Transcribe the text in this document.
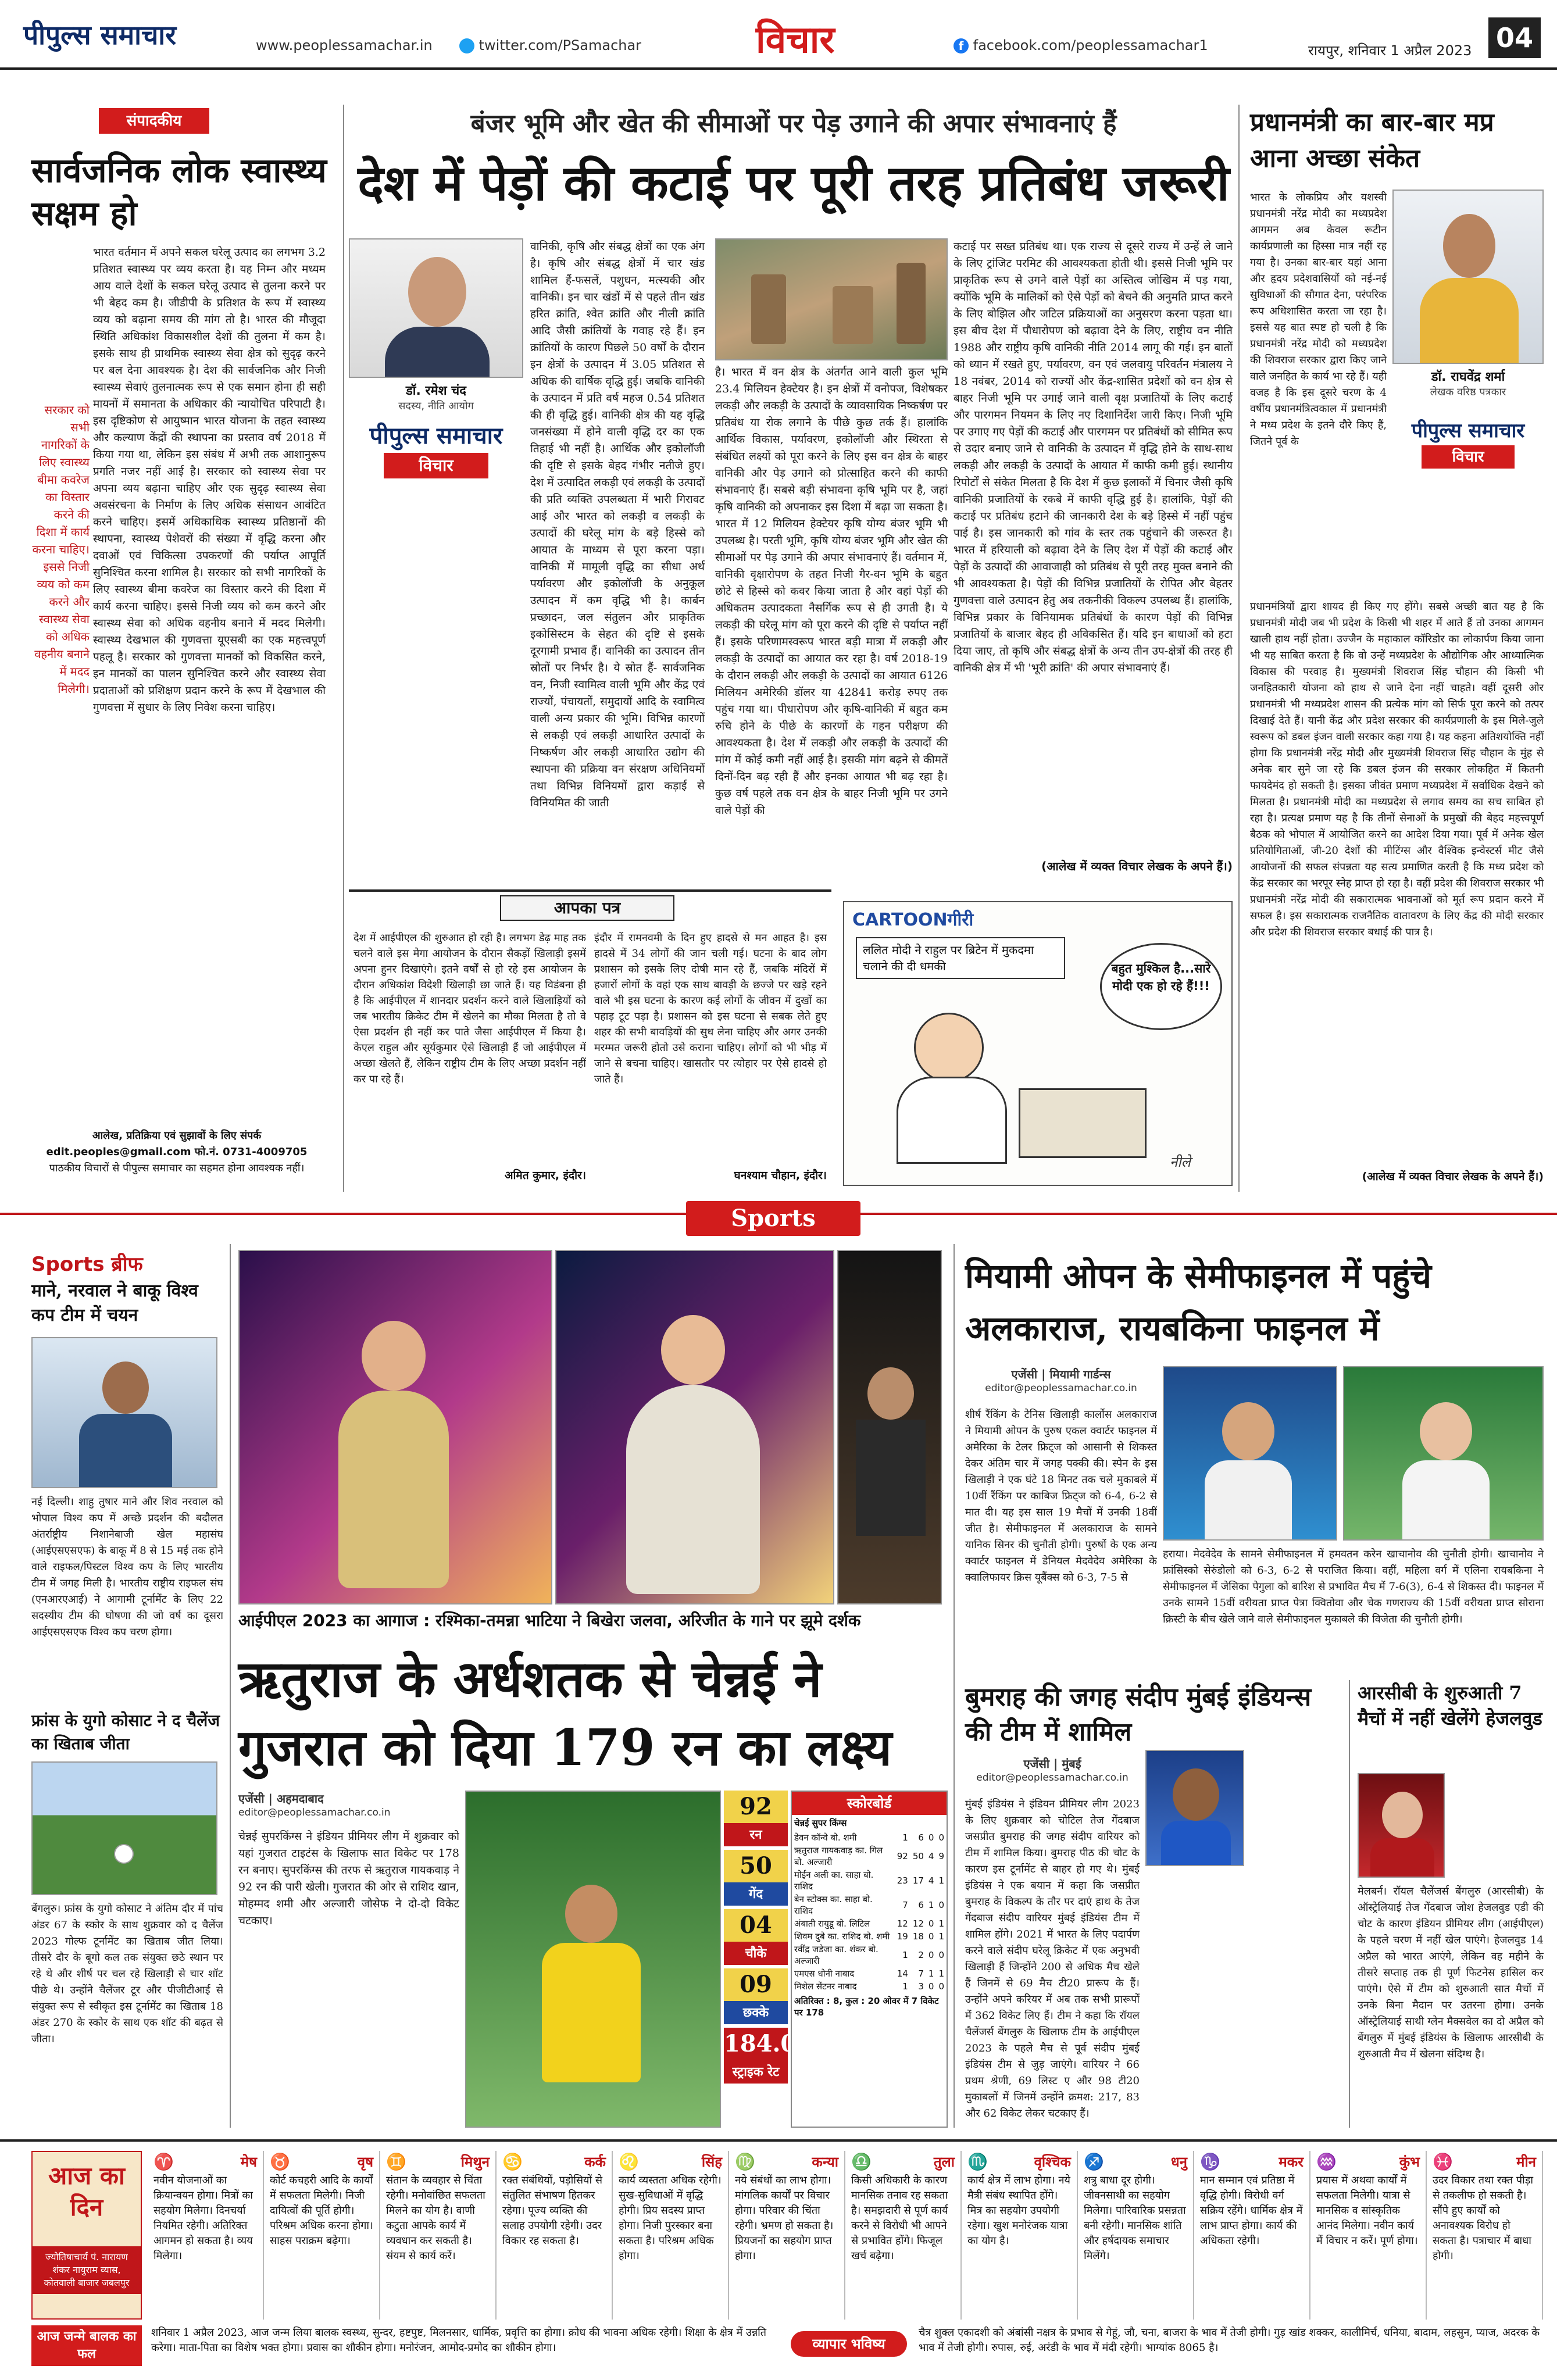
पीपुल्स समाचार	www.peoplessamachar.in	twitter.com/PSamachar	विचार	f facebook.com/peoplessamachar1	रायपुर, शनिवार 1 अप्रैल 2023 04
संपादकीय
सार्वजनिक लोक स्वास्थ्य सक्षम हो
भारत वर्तमान में अपने सकल घरेलू उत्पाद का लगभग 3.2 प्रतिशत स्वास्थ्य पर व्यय करता है। यह निम्न और मध्यम आय वाले देशों के सकल घरेलू उत्पाद से तुलना करने पर भी बेहद कम है। जीडीपी के प्रतिशत के रूप में स्वास्थ्य व्यय को बढ़ाना समय की मांग तो है। भारत की मौजूदा स्थिति अधिकांश विकासशील देशों की तुलना में कम है। इसके साथ ही प्राथमिक स्वास्थ्य सेवा क्षेत्र को सुदृढ़ करने पर बल देना आवश्यक है। देश की सार्वजनिक और निजी स्वास्थ्य सेवाएं तुलनात्मक रूप से एक समान होना ही सही मायनों में समानता के अधिकार की न्यायोचित परिपाटी है। इस दृष्टिकोण से आयुष्मान भारत योजना के तहत स्वास्थ्य और कल्याण केंद्रों की स्थापना का प्रस्ताव वर्ष 2018 में किया गया था, लेकिन इस संबंध में अभी तक आशानुरूप प्रगति नजर नहीं आई है। सरकार को स्वास्थ्य सेवा पर अपना व्यय बढ़ाना चाहिए और एक सुदृढ़ स्वास्थ्य सेवा अवसंरचना के निर्माण के लिए अधिक संसाधन आवंटित करने चाहिए। इसमें अधिकाधिक स्वास्थ्य प्रतिष्ठानों की स्थापना, स्वास्थ्य पेशेवरों की संख्या में वृद्धि करना और दवाओं एवं चिकित्सा उपकरणों की पर्याप्त आपूर्ति सुनिश्चित करना शामिल है। सरकार को सभी नागरिकों के लिए स्वास्थ्य बीमा कवरेज का विस्तार करने की दिशा में कार्य करना चाहिए। इससे निजी व्यय को कम करने और स्वास्थ्य सेवा को अधिक वहनीय बनाने में मदद मिलेगी। स्वास्थ्य देखभाल की गुणवत्ता यूएसबी का एक महत्त्वपूर्ण पहलू है। सरकार को गुणवत्ता मानकों को विकसित करने, इन मानकों का पालन सुनिश्चित करने और स्वास्थ्य सेवा प्रदाताओं को प्रशिक्षण प्रदान करने के रूप में देखभाल की गुणवत्ता में सुधार के लिए निवेश करना चाहिए।
सरकार को सभी नागरिकों के लिए स्वास्थ्य बीमा कवरेज का विस्तार करने की दिशा में कार्य करना चाहिए। इससे निजी व्यय को कम करने और स्वास्थ्य सेवा को अधिक वहनीय बनाने में मदद मिलेगी।
आलेख, प्रतिक्रिया एवं सुझावों के लिए संपर्क
edit.peoples@gmail.com फो.नं. 0731-4009705
पाठकीय विचारों से पीपुल्स समाचार का सहमत होना आवश्यक नहीं।
बंजर भूमि और खेत की सीमाओं पर पेड़ उगाने की अपार संभावनाएं हैं
देश में पेड़ों की कटाई पर पूरी तरह प्रतिबंध जरूरी
डॉ. रमेश चंद
सदस्य, नीति आयोग
पीपुल्स समाचार
विचार
वानिकी, कृषि और संबद्ध क्षेत्रों का एक अंग है। कृषि और संबद्ध क्षेत्रों में चार खंड शामिल हैं-फसलें, पशुधन, मत्स्यकी और वानिकी। इन चार खंडों में से पहले तीन खंड हरित क्रांति, श्वेत क्रांति और नीली क्रांति आदि जैसी क्रांतियों के गवाह रहे हैं। इन क्रांतियों के कारण पिछले 50 वर्षों के दौरान इन क्षेत्रों के उत्पादन में 3.05 प्रतिशत से अधिक की वार्षिक वृद्धि हुई। जबकि वानिकी के उत्पादन में प्रति वर्ष महज 0.54 प्रतिशत की ही वृद्धि हुई। वानिकी क्षेत्र की यह वृद्धि जनसंख्या में होने वाली वृद्धि दर का एक तिहाई भी नहीं है। आर्थिक और इकोलॉजी की दृष्टि से इसके बेहद गंभीर नतीजे हुए। देश में उत्पादित लकड़ी एवं लकड़ी के उत्पादों की प्रति व्यक्ति उपलब्धता में भारी गिरावट आई और भारत को लकड़ी व लकड़ी के उत्पादों की घरेलू मांग के बड़े हिस्से को आयात के माध्यम से पूरा करना पड़ा। वानिकी में मामूली वृद्धि का सीधा अर्थ पर्यावरण और इकोलॉजी के अनुकूल उत्पादन में कम वृद्धि भी है। कार्बन प्रच्छादन, जल संतुलन और प्राकृतिक इकोसिस्टम के सेहत की दृष्टि से इसके दूरगामी प्रभाव हैं। वानिकी का उत्पादन तीन स्रोतों पर निर्भर है। ये स्रोत हैं- सार्वजनिक वन, निजी स्वामित्व वाली भूमि और केंद्र एवं राज्यों, पंचायतों, समुदायों आदि के स्वामित्व वाली अन्य प्रकार की भूमि। विभिन्न कारणों से लकड़ी एवं लकड़ी आधारित उत्पादों के निष्कर्षण और लकड़ी आधारित उद्योग की स्थापना की प्रक्रिया वन संरक्षण अधिनियमों तथा विभिन्न विनियमों द्वारा कड़ाई से विनियमित की जाती
है। भारत में वन क्षेत्र के अंतर्गत आने वाली कुल भूमि 23.4 मिलियन हेक्टेयर है। इन क्षेत्रों में वनोपज, विशेषकर लकड़ी और लकड़ी के उत्पादों के व्यावसायिक निष्कर्षण पर प्रतिबंध या रोक लगाने के पीछे कुछ तर्क हैं। हालांकि आर्थिक विकास, पर्यावरण, इकोलॉजी और स्थिरता से संबंधित लक्ष्यों को पूरा करने के लिए इस वन क्षेत्र के बाहर वानिकी और पेड़ उगाने को प्रोत्साहित करने की काफी संभावनाएं हैं। सबसे बड़ी संभावना कृषि भूमि पर है, जहां कृषि वानिकी को अपनाकर इस दिशा में बढ़ा जा सकता है। भारत में 12 मिलियन हेक्टेयर कृषि योग्य बंजर भूमि भी उपलब्ध है। परती भूमि, कृषि योग्य बंजर भूमि और खेत की सीमाओं पर पेड़ उगाने की अपार संभावनाएं हैं। वर्तमान में, वानिकी वृक्षारोपण के तहत निजी गैर-वन भूमि के बहुत छोटे से हिस्से को कवर किया जाता है और वहां पेड़ों की अधिकतम उत्पादकता नैसर्गिक रूप से ही उगती है। ये लकड़ी की घरेलू मांग को पूरा करने की दृष्टि से पर्याप्त नहीं हैं। इसके परिणामस्वरूप भारत बड़ी मात्रा में लकड़ी और लकड़ी के उत्पादों का आयात कर रहा है। वर्ष 2018-19 के दौरान लकड़ी और लकड़ी के उत्पादों का आयात 6126 मिलियन अमेरिकी डॉलर या 42841 करोड़ रुपए तक पहुंच गया था। पीधारोपण और कृषि-वानिकी में बहुत कम रुचि होने के पीछे के कारणों के गहन परीक्षण की आवश्यकता है। देश में लकड़ी और लकड़ी के उत्पादों की मांग में कोई कमी नहीं आई है। इसकी मांग बढ़ने से कीमतें दिनों-दिन बढ़ रही हैं और इनका आयात भी बढ़ रहा है। कुछ वर्ष पहले तक वन क्षेत्र के बाहर निजी भूमि पर उगने वाले पेड़ों की
कटाई पर सख्त प्रतिबंध था। एक राज्य से दूसरे राज्य में उन्हें ले जाने के लिए ट्रांजिट परमिट की आवश्यकता होती थी। इससे निजी भूमि पर प्राकृतिक रूप से उगने वाले पेड़ों का अस्तित्व जोखिम में पड़ गया, क्योंकि भूमि के मालिकों को ऐसे पेड़ों को बेचने की अनुमति प्राप्त करने के लिए बोझिल और जटिल प्रक्रियाओं का अनुसरण करना पड़ता था। इस बीच देश में पौधारोपण को बढ़ावा देने के लिए, राष्ट्रीय वन नीति 1988 और राष्ट्रीय कृषि वानिकी नीति 2014 लागू की गई। इन बातों को ध्यान में रखते हुए, पर्यावरण, वन एवं जलवायु परिवर्तन मंत्रालय ने 18 नवंबर, 2014 को राज्यों और केंद्र-शासित प्रदेशों को वन क्षेत्र से बाहर निजी भूमि पर उगाई जाने वाली वृक्ष प्रजातियों के लिए कटाई और पारगमन नियमन के लिए नए दिशानिर्देश जारी किए। निजी भूमि पर उगाए गए पेड़ों की कटाई और पारगमन पर प्रतिबंधों को सीमित रूप से उदार बनाए जाने से वानिकी के उत्पादन में वृद्धि होने के साथ-साथ लकड़ी और लकड़ी के उत्पादों के आयात में काफी कमी हुई। स्थानीय रिपोर्टों से संकेत मिलता है कि देश में कुछ इलाकों में चिनार जैसी कृषि वानिकी प्रजातियों के रकबे में काफी वृद्धि हुई है। हालांकि, पेड़ों की कटाई पर प्रतिबंध हटाने की जानकारी देश के बड़े हिस्से में नहीं पहुंच पाई है। इस जानकारी को गांव के स्तर तक पहुंचाने की जरूरत है। भारत में हरियाली को बढ़ावा देने के लिए देश में पेड़ों की कटाई और पेड़ों के उत्पादों की आवाजाही को प्रतिबंध से पूरी तरह मुक्त बनाने की भी आवश्यकता है। पेड़ों की विभिन्न प्रजातियों के रोपित और बेहतर गुणवत्ता वाले उत्पादन हेतु अब तकनीकी विकल्प उपलब्ध हैं। हालांकि, विभिन्न प्रकार के विनियामक प्रतिबंधों के कारण पेड़ों की विभिन्न प्रजातियों के बाजार बेहद ही अविकसित हैं। यदि इन बाधाओं को हटा दिया जाए, तो कृषि और संबद्ध क्षेत्रों के अन्य तीन उप-क्षेत्रों की तरह ही वानिकी क्षेत्र में भी 'भूरी क्रांति' की अपार संभावनाएं हैं।
(आलेख में व्यक्त विचार लेखक के अपने हैं।)
प्रधानमंत्री का बार-बार मप्र आना अच्छा संकेत
भारत के लोकप्रिय और यशस्वी प्रधानमंत्री नरेंद्र मोदी का मध्यप्रदेश आगमन अब केवल रूटीन कार्यप्रणाली का हिस्सा मात्र नहीं रह गया है। उनका बार-बार यहां आना और हृदय प्रदेशवासियों को नई-नई सुविधाओं की सौगात देना, परंपरिक रूप अधिशासित करता जा रहा है। इससे यह बात स्पष्ट हो चली है कि प्रधानमंत्री नरेंद्र मोदी को मध्यप्रदेश की शिवराज सरकार द्वारा किए जाने वाले जनहित के कार्य भा रहे हैं। यही वजह है कि इस दूसरे चरण के 4 वर्षीय प्रधानमंत्रित्वकाल में प्रधानमंत्री ने मध्य प्रदेश के इतने दौरे किए हैं, जितने पूर्व के
डॉ. राघवेंद्र शर्मा
लेखक वरिष्ठ पत्रकार
पीपुल्स समाचार
विचार
प्रधानमंत्रियों द्वारा शायद ही किए गए होंगे। सबसे अच्छी बात यह है कि प्रधानमंत्री मोदी जब भी प्रदेश के किसी भी शहर में आते हैं तो उनका आगमन खाली हाथ नहीं होता। उज्जैन के महाकाल कॉरिडोर का लोकार्पण किया जाना भी यह साबित करता है कि वो उन्हें मध्यप्रदेश के औद्योगिक और आध्यात्मिक विकास की परवाह है। मुख्यमंत्री शिवराज सिंह चौहान की किसी भी जनहितकारी योजना को हाथ से जाने देना नहीं चाहते। वहीं दूसरी ओर प्रधानमंत्री भी मध्यप्रदेश शासन की प्रत्येक मांग को सिर्फ पूरा करने को तत्पर दिखाई देते हैं। यानी केंद्र और प्रदेश सरकार की कार्यप्रणाली के इस मिले-जुले स्वरूप को डबल इंजन वाली सरकार कहा गया है। यह कहना अतिशयोक्ति नहीं होगा कि प्रधानमंत्री नरेंद्र मोदी और मुख्यमंत्री शिवराज सिंह चौहान के मुंह से अनेक बार सुने जा रहे कि डबल इंजन की सरकार लोकहित में कितनी फायदेमंद हो सकती है। इसका जीवंत प्रमाण मध्यप्रदेश में सर्वाधिक देखने को मिलता है। प्रधानमंत्री मोदी का मध्यप्रदेश से लगाव समय का सच साबित हो रहा है। प्रत्यक्ष प्रमाण यह है कि तीनों सेनाओं के प्रमुखों की बेहद महत्त्वपूर्ण बैठक को भोपाल में आयोजित करने का आदेश दिया गया। पूर्व में अनेक खेल प्रतियोगिताओं, जी-20 देशों की मीटिंग्स और वैश्विक इन्वेस्टर्स मीट जैसे आयोजनों की सफल संपन्नता यह सत्य प्रमाणित करती है कि मध्य प्रदेश को केंद्र सरकार का भरपूर स्नेह प्राप्त हो रहा है। वहीं प्रदेश की शिवराज सरकार भी प्रधानमंत्री नरेंद्र मोदी की सकारात्मक भावनाओं को मूर्त रूप प्रदान करने में सफल है। इस सकारात्मक राजनैतिक वातावरण के लिए केंद्र की मोदी सरकार और प्रदेश की शिवराज सरकार बधाई की पात्र है।
(आलेख में व्यक्त विचार लेखक के अपने हैं।)
आपका पत्र
देश में आईपीएल की शुरुआत हो रही है। लगभग डेढ़ माह तक चलने वाले इस मेगा आयोजन के दौरान सैकड़ों खिलाड़ी इसमें अपना हुनर दिखाएंगे। इतने वर्षों से हो रहे इस आयोजन के दौरान अधिकांश विदेशी खिलाड़ी छा जाते हैं। यह विडंबना ही है कि आईपीएल में शानदार प्रदर्शन करने वाले खिलाड़ियों को जब भारतीय क्रिकेट टीम में खेलने का मौका मिलता है तो वे ऐसा प्रदर्शन ही नहीं कर पाते जैसा आईपीएल में किया है। केएल राहुल और सूर्यकुमार ऐसे खिलाड़ी हैं जो आईपीएल में अच्छा खेलते हैं, लेकिन राष्ट्रीय टीम के लिए अच्छा प्रदर्शन नहीं कर पा रहे हैं।
अमित कुमार, इंदौर।
इंदौर में रामनवमी के दिन हुए हादसे से मन आहत है। इस हादसे में 34 लोगों की जान चली गई। घटना के बाद लोग प्रशासन को इसके लिए दोषी मान रहे हैं, जबकि मंदिरों में हजारों लोगों के वहां एक साथ बावड़ी के छज्जे पर खड़े रहने वाले भी इस घटना के कारण कई लोगों के जीवन में दुखों का पहाड़ टूट पड़ा है। प्रशासन को इस घटना से सबक लेते हुए शहर की सभी बावड़ियों की सुध लेना चाहिए और अगर उनकी मरम्मत जरूरी होतो उसे कराना चाहिए। लोगों को भी भीड़ में जाने से बचना चाहिए। खासतौर पर त्योहार पर ऐसे हादसे हो जाते हैं।
घनश्याम चौहान, इंदौर।
CARTOONगीरी
ललित मोदी ने राहुल पर ब्रिटेन में मुकदमा चलाने की दी धमकी	बहुत मुश्किल है...सारे मोदी एक हो रहे हैं!!!
नीले
Sports
Sports ब्रीफ
माने, नरवाल ने बाकू विश्व कप टीम में चयन
नई दिल्ली। शाहु तुषार माने और शिव नरवाल को भोपाल विश्व कप में अच्छे प्रदर्शन की बदौलत अंतर्राष्ट्रीय निशानेबाजी खेल महासंघ (आईएसएसएफ) के बाकू में 8 से 15 मई तक होने वाले राइफल/पिस्टल विश्व कप के लिए भारतीय टीम में जगह मिली है। भारतीय राष्ट्रीय राइफल संघ (एनआरएआई) ने आगामी टूर्नामेंट के लिए 22 सदस्यीय टीम की घोषणा की जो वर्ष का दूसरा आईएसएसएफ विश्व कप चरण होगा।
फ्रांस के युगो कोसाट ने द चैलेंज का खिताब जीता
बेंगलुरु। फ्रांस के युगो कोसाट ने अंतिम दौर में पांच अंडर 67 के स्कोर के साथ शुक्रवार को द चैलेंज 2023 गोल्फ टूर्नामेंट का खिताब जीत लिया। तीसरे दौर के बूगो कल तक संयुक्त छठे स्थान पर रहे थे और शीर्ष पर चल रहे खिलाड़ी से चार शॉट पीछे थे। उन्होंने चैलेंजर टूर और पीजीटीआई से संयुक्त रूप से स्वीकृत इस टूर्नामेंट का खिताब 18 अंडर 270 के स्कोर के साथ एक शॉट की बढ़त से जीता।
आईपीएल 2023 का आगाज : रश्मिका-तमन्ना भाटिया ने बिखेरा जलवा, अरिजीत के गाने पर झूमे दर्शक
ऋतुराज के अर्धशतक से चेन्नई ने गुजरात को दिया 179 रन का लक्ष्य
एजेंसी | अहमदाबाद
editor@peoplessamachar.co.in
चेन्नई सुपरकिंग्स ने इंडियन प्रीमियर लीग में शुक्रवार को यहां गुजरात टाइटंस के खिलाफ सात विकेट पर 178 रन बनाए। सुपरकिंग्स की तरफ से ऋतुराज गायकवाड़ ने 92 रन की पारी खेली। गुजरात की ओर से राशिद खान, मोहम्मद शमी और अल्जारी जोसेफ ने दो-दो विकेट चटकाए।
92
रन
50
गेंद
04
चौके
09
छक्के
184.00
स्ट्राइक रेट
स्कोरबोर्ड
चेन्नई सुपर किंग्स
डेवन कॉन्वे बो. शमी	1	6	0	0
ऋतुराज गायकवाड़ का. गिल बो. अल्जारी	92	50	4	9
मोईन अली का. साहा बो. राशिद	23	17	4	1
बेन स्टोक्स का. साहा बो. राशिद	7	6	1	0
अंबाती रायुडू बो. लिटिल	12	12	0	1
शिवम दुबे का. राशिद बो. शमी	19	18	0	1
रवींद्र जडेजा का. शंकर बो. अल्जारी	1	2	0	0
एमएस धोनी नाबाद	14	7	1	1
मिशेल सेंटनर नाबाद	1	3	0	0
अतिरिक्त : 8, कुल : 20 ओवर में 7 विकेट पर 178
मियामी ओपन के सेमीफाइनल में पहुंचे अलकाराज, रायबकिना फाइनल में
एजेंसी | मियामी गार्डन्स
editor@peoplessamachar.co.in
शीर्ष रैंकिंग के टेनिस खिलाड़ी कार्लोस अलकाराज ने मियामी ओपन के पुरुष एकल क्वार्टर फाइनल में अमेरिका के टेलर फ्रिट्ज को आसानी से शिकस्त देकर अंतिम चार में जगह पक्की की। स्पेन के इस खिलाड़ी ने एक घंटे 18 मिनट तक चले मुकाबले में 10वीं रैंकिंग पर काबिज फ्रिट्ज को 6-4, 6-2 से मात दी। यह इस साल 19 मैचों में उनकी 18वीं जीत है। सेमीफाइनल में अलकाराज के सामने यानिक सिनर की चुनौती होगी। पुरुषों के एक अन्य क्वार्टर फाइनल में डेनियल मेदवेदेव अमेरिका के क्वालिफायर क्रिस यूबैंक्स को 6-3, 7-5 से
हराया। मेदवेदेव के सामने सेमीफाइनल में हमवतन करेन खाचानोव की चुनौती होगी। खाचानोव ने फ्रांसिस्को सेरुंडोलो को 6-3, 6-2 से पराजित किया। वहीं, महिला वर्ग में एलिना रायबकिना ने सेमीफाइनल में जेसिका पेगुला को बारिश से प्रभावित मैच में 7-6(3), 6-4 से शिकस्त दी। फाइनल में उनके सामने 15वीं वरीयता प्राप्त पेत्रा क्वितोवा और चेक गणराज्य की 15वीं वरीयता प्राप्त सोराना क्रिस्टी के बीच खेले जाने वाले सेमीफाइनल मुकाबले की विजेता की चुनौती होगी।
बुमराह की जगह संदीप मुंबई इंडियन्स की टीम में शामिल
एजेंसी | मुंबई
editor@peoplessamachar.co.in
मुंबई इंडियंस ने इंडियन प्रीमियर लीग 2023 के लिए शुक्रवार को चोटिल तेज गेंदबाज जसप्रीत बुमराह की जगह संदीप वारियर को टीम में शामिल किया। बुमराह पीठ की चोट के कारण इस टूर्नामेंट से बाहर हो गए थे। मुंबई इंडियंस ने एक बयान में कहा कि जसप्रीत बुमराह के विकल्प के तौर पर दाएं हाथ के तेज गेंदबाज संदीप वारियर मुंबई इंडियंस टीम में शामिल होंगे। 2021 में भारत के लिए पदार्पण करने वाले संदीप घरेलू क्रिकेट में एक अनुभवी खिलाड़ी हैं जिन्होंने 200 से अधिक मैच खेले हैं जिनमें से 69 मैच टी20 प्रारूप के हैं। उन्होंने अपने करियर में अब तक सभी प्रारूपों में 362 विकेट लिए हैं। टीम ने कहा कि रॉयल चैलेंजर्स बेंगलुरु के खिलाफ टीम के आईपीएल 2023 के पहले मैच से पूर्व संदीप मुंबई इंडियंस टीम से जुड़ जाएंगे। वारियर ने 66 प्रथम श्रेणी, 69 लिस्ट ए और 98 टी20 मुकाबलों में जिनमें उन्होंने क्रमश: 217, 83 और 62 विकेट लेकर चटकाए हैं।
आरसीबी के शुरुआती 7 मैचों में नहीं खेलेंगे हेजलवुड
मेलबर्न। रॉयल चैलेंजर्स बेंगलुरु (आरसीबी) के ऑस्ट्रेलियाई तेज गेंदबाज जोश हेजलवुड एडी की चोट के कारण इंडियन प्रीमियर लीग (आईपीएल) के पहले चरण में नहीं खेल पाएंगे। हेजलवुड 14 अप्रैल को भारत आएंगे, लेकिन वह महीने के तीसरे सप्ताह तक ही पूर्ण फिटनेस हासिल कर पाएंगे। ऐसे में टीम को शुरुआती सात मैचों में उनके बिना मैदान पर उतरना होगा। उनके ऑस्ट्रेलियाई साथी ग्लेन मैक्सवेल का दो अप्रैल को बेंगलुरु में मुंबई इंडियंस के खिलाफ आरसीबी के शुरुआती मैच में खेलना संदिग्ध है।
आज का दिन
ज्योतिषाचार्य पं. नारायण शंकर नायुराम व्यास, कोतवाली बाजार जबलपुर
♈	मेष
नवीन योजनाओं का क्रियान्वयन होगा। मित्रों का सहयोग मिलेगा। दिनचर्या नियमित रहेगी। अतिरिक्त आगमन हो सकता है। व्यय मिलेगा।
♉	वृष
कोर्ट कचहरी आदि के कार्यों में सफलता मिलेगी। निजी दायित्वों की पूर्ति होगी। परिश्रम अधिक करना होगा। साहस पराक्रम बढ़ेगा।
♊	मिथुन
संतान के व्यवहार से चिंता रहेगी। मनोवांछित सफलता मिलने का योग है। वाणी कटुता आपके कार्य में व्यवधान कर सकती है। संयम से कार्य करें।
♋	कर्क
रक्त संबंधियों, पड़ोसियों से संतुलित संभाषण हितकर रहेगा। पूज्य व्यक्ति की सलाह उपयोगी रहेगी। उदर विकार रह सकता है।
♌	सिंह
कार्य व्यस्तता अधिक रहेगी। सुख-सुविधाओं में वृद्धि होगी। प्रिय सदस्य प्राप्त होगा। निजी पुरस्कार बना सकता है। परिश्रम अधिक होगा।
♍	कन्या
नये संबंधों का लाभ होगा। मांगलिक कार्यों पर विचार होगा। परिवार की चिंता रहेगी। भ्रमण हो सकता है। प्रियजनों का सहयोग प्राप्त होगा।
♎	तुला
किसी अधिकारी के कारण मानसिक तनाव रह सकता है। समझदारी से पूर्ण कार्य करने से विरोधी भी आपने से प्रभावित होंगे। फिजूल खर्च बढ़ेगा।
♏	वृश्चिक
कार्य क्षेत्र में लाभ होगा। नये मैत्री संबंध स्थापित होंगे। मित्र का सहयोग उपयोगी रहेगा। खुश मनोरंजक यात्रा का योग है।
♐	धनु
शत्रु बाधा दूर होगी। जीवनसाथी का सहयोग मिलेगा। पारिवारिक प्रसन्नता बनी रहेगी। मानसिक शांति और हर्षदायक समाचार मिलेंगे।
♑	मकर
मान सम्मान एवं प्रतिष्ठा में वृद्धि होगी। विरोधी वर्ग सक्रिय रहेंगे। धार्मिक क्षेत्र में लाभ प्राप्त होगा। कार्य की अधिकता रहेगी।
♒	कुंभ
प्रयास में अथवा कार्यों में सफलता मिलेगी। यात्रा से मानसिक व सांस्कृतिक आनंद मिलेगा। नवीन कार्य में विचार न करें। पूर्ण होगा।
♓	मीन
उदर विकार तथा रक्त पीड़ा से तकलीफ हो सकती है। सौंपे हुए कार्यों को अनावश्यक विरोध हो सकता है। पत्राचार में बाधा होगी।
आज जन्मे बालक का फल
शनिवार 1 अप्रैल 2023, आज जन्म लिया बालक स्वस्थ्य, सुन्दर, हष्टपुष्ट, मिलनसार, धार्मिक, प्रवृत्ति का होगा। क्रोध की भावना अधिक रहेगी। शिक्षा के क्षेत्र में उन्नति करेगा। माता-पिता का विशेष भक्त होगा। प्रवास का शौकीन होगा। मनोरंजन, आमोद-प्रमोद का शौकीन होगा।	व्यापार भविष्य
चैत्र शुक्ल एकादशी को अंबांसी नक्षत्र के प्रभाव से गेहूं, जौ, चना, बाजरा के भाव में तेजी होगी। गुड़ खांड शक्कर, कालीमिर्च, धनिया, बादाम, लहसुन, प्याज, अदरक के भाव में तेजी होगी। रुपास, रुई, अरंडी के भाव में मंदी रहेगी। भाग्यांक 8065 है।
